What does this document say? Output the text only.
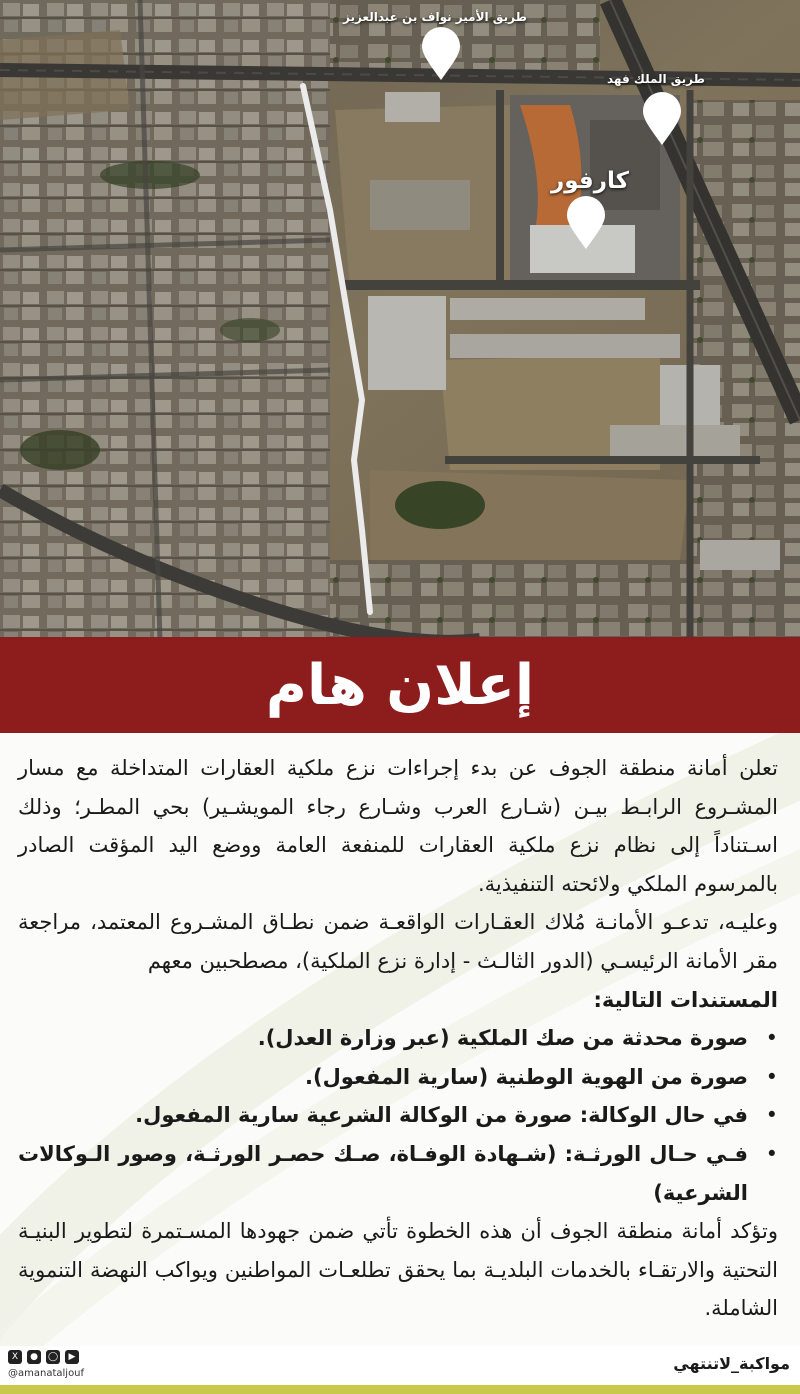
طريق الأمير نواف بن عبدالعزيز
طريق الملك فهد
كارفور
إعلان هام

تعلن أمانة منطقة الجوف عن بدء إجراءات نزع ملكية العقارات المتداخلة مع مسار المشـروع الرابـط بيـن (شـارع العرب وشـارع رجاء المويشـير) بحي المطـر؛ وذلك اسـتناداً إلى نظام نزع ملكية العقارات للمنفعة العامة ووضع اليد المؤقت الصادر بالمرسوم الملكي ولائحته التنفيذية.

وعليـه، تدعـو الأمانـة مُلاك العقـارات الواقعـة ضمن نطـاق المشـروع المعتمد، مراجعة مقر الأمانة الرئيسـي (الدور الثالـث - إدارة نزع الملكية)، مصطحبين معهم

المستندات التالية:

• صورة محدثة من صك الملكية (عبر وزارة العدل).
• صورة من الهوية الوطنية (سارية المفعول).
• في حال الوكالة: صورة من الوكالة الشرعية سارية المفعول.
• فـي حـال الورثـة: (شـهادة الوفـاة، صـك حصـر الورثـة، وصور الـوكالات الشرعية)

وتؤكد أمانة منطقة الجوف أن هذه الخطوة تأتي ضمن جهودها المسـتمرة لتطوير البنيـة التحتية والارتقـاء بالخدمات البلديـة بما يحقق تطلعـات المواطنين ويواكب النهضة التنموية الشاملة.

X	●	◯	▶
@amanataljouf
مواكبة_لاتنتهي
